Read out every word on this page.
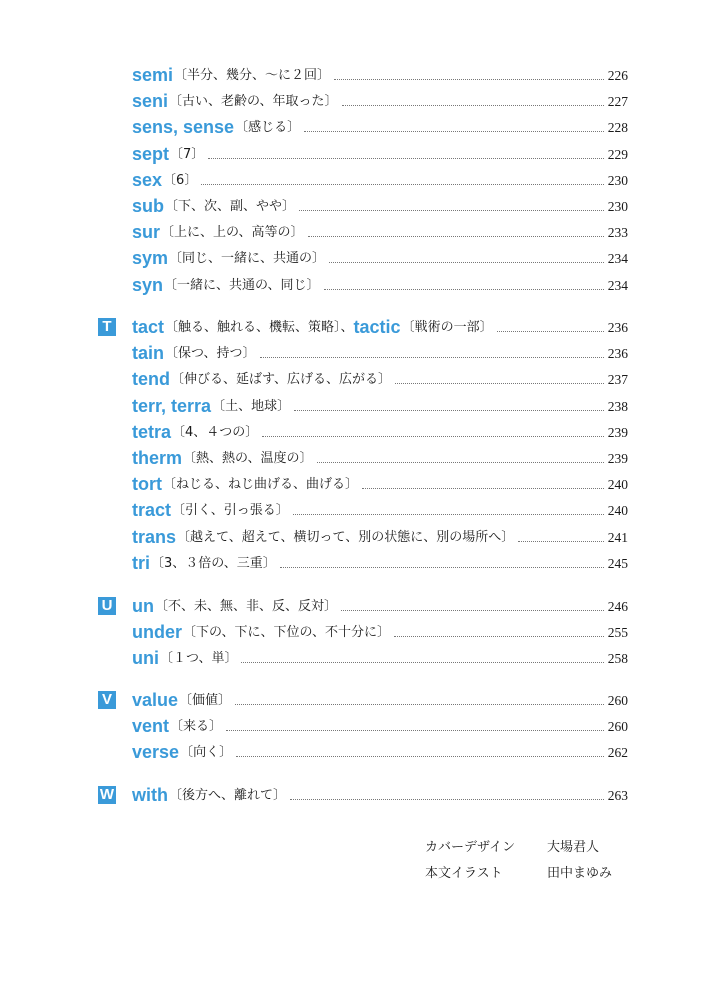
semi 〔半分、幾分、〜に２回〕	226
seni 〔古い、老齢の、年取った〕	227
sens, sense 〔感じる〕	228
sept 〔7〕	229
sex 〔6〕	230
sub 〔下、次、副、やや〕	230
sur 〔上に、上の、高等の〕	233
sym 〔同じ、一緒に、共通の〕	234
syn 〔一緒に、共通の、同じ〕	234
T tact 〔触る、触れる、機転、策略〕、 tactic 〔戦術の一部〕	236
tain 〔保つ、持つ〕	236
tend 〔伸びる、延ばす、広げる、広がる〕	237
terr, terra 〔土、地球〕	238
tetra 〔4、４つの〕	239
therm 〔熱、熱の、温度の〕	239
tort 〔ねじる、ねじ曲げる、曲げる〕	240
tract 〔引く、引っ張る〕	240
trans 〔越えて、超えて、横切って、別の状態に、別の場所へ〕	241
tri 〔3、３倍の、三重〕	245
U un 〔不、未、無、非、反、反対〕	246
under 〔下の、下に、下位の、不十分に〕	255
uni 〔１つ、単〕	258
V value 〔価値〕	260
vent 〔来る〕	260
verse 〔向く〕	262
W with 〔後方へ、離れて〕	263
カバーデザイン 大場君人
本文イラスト	田中まゆみ
